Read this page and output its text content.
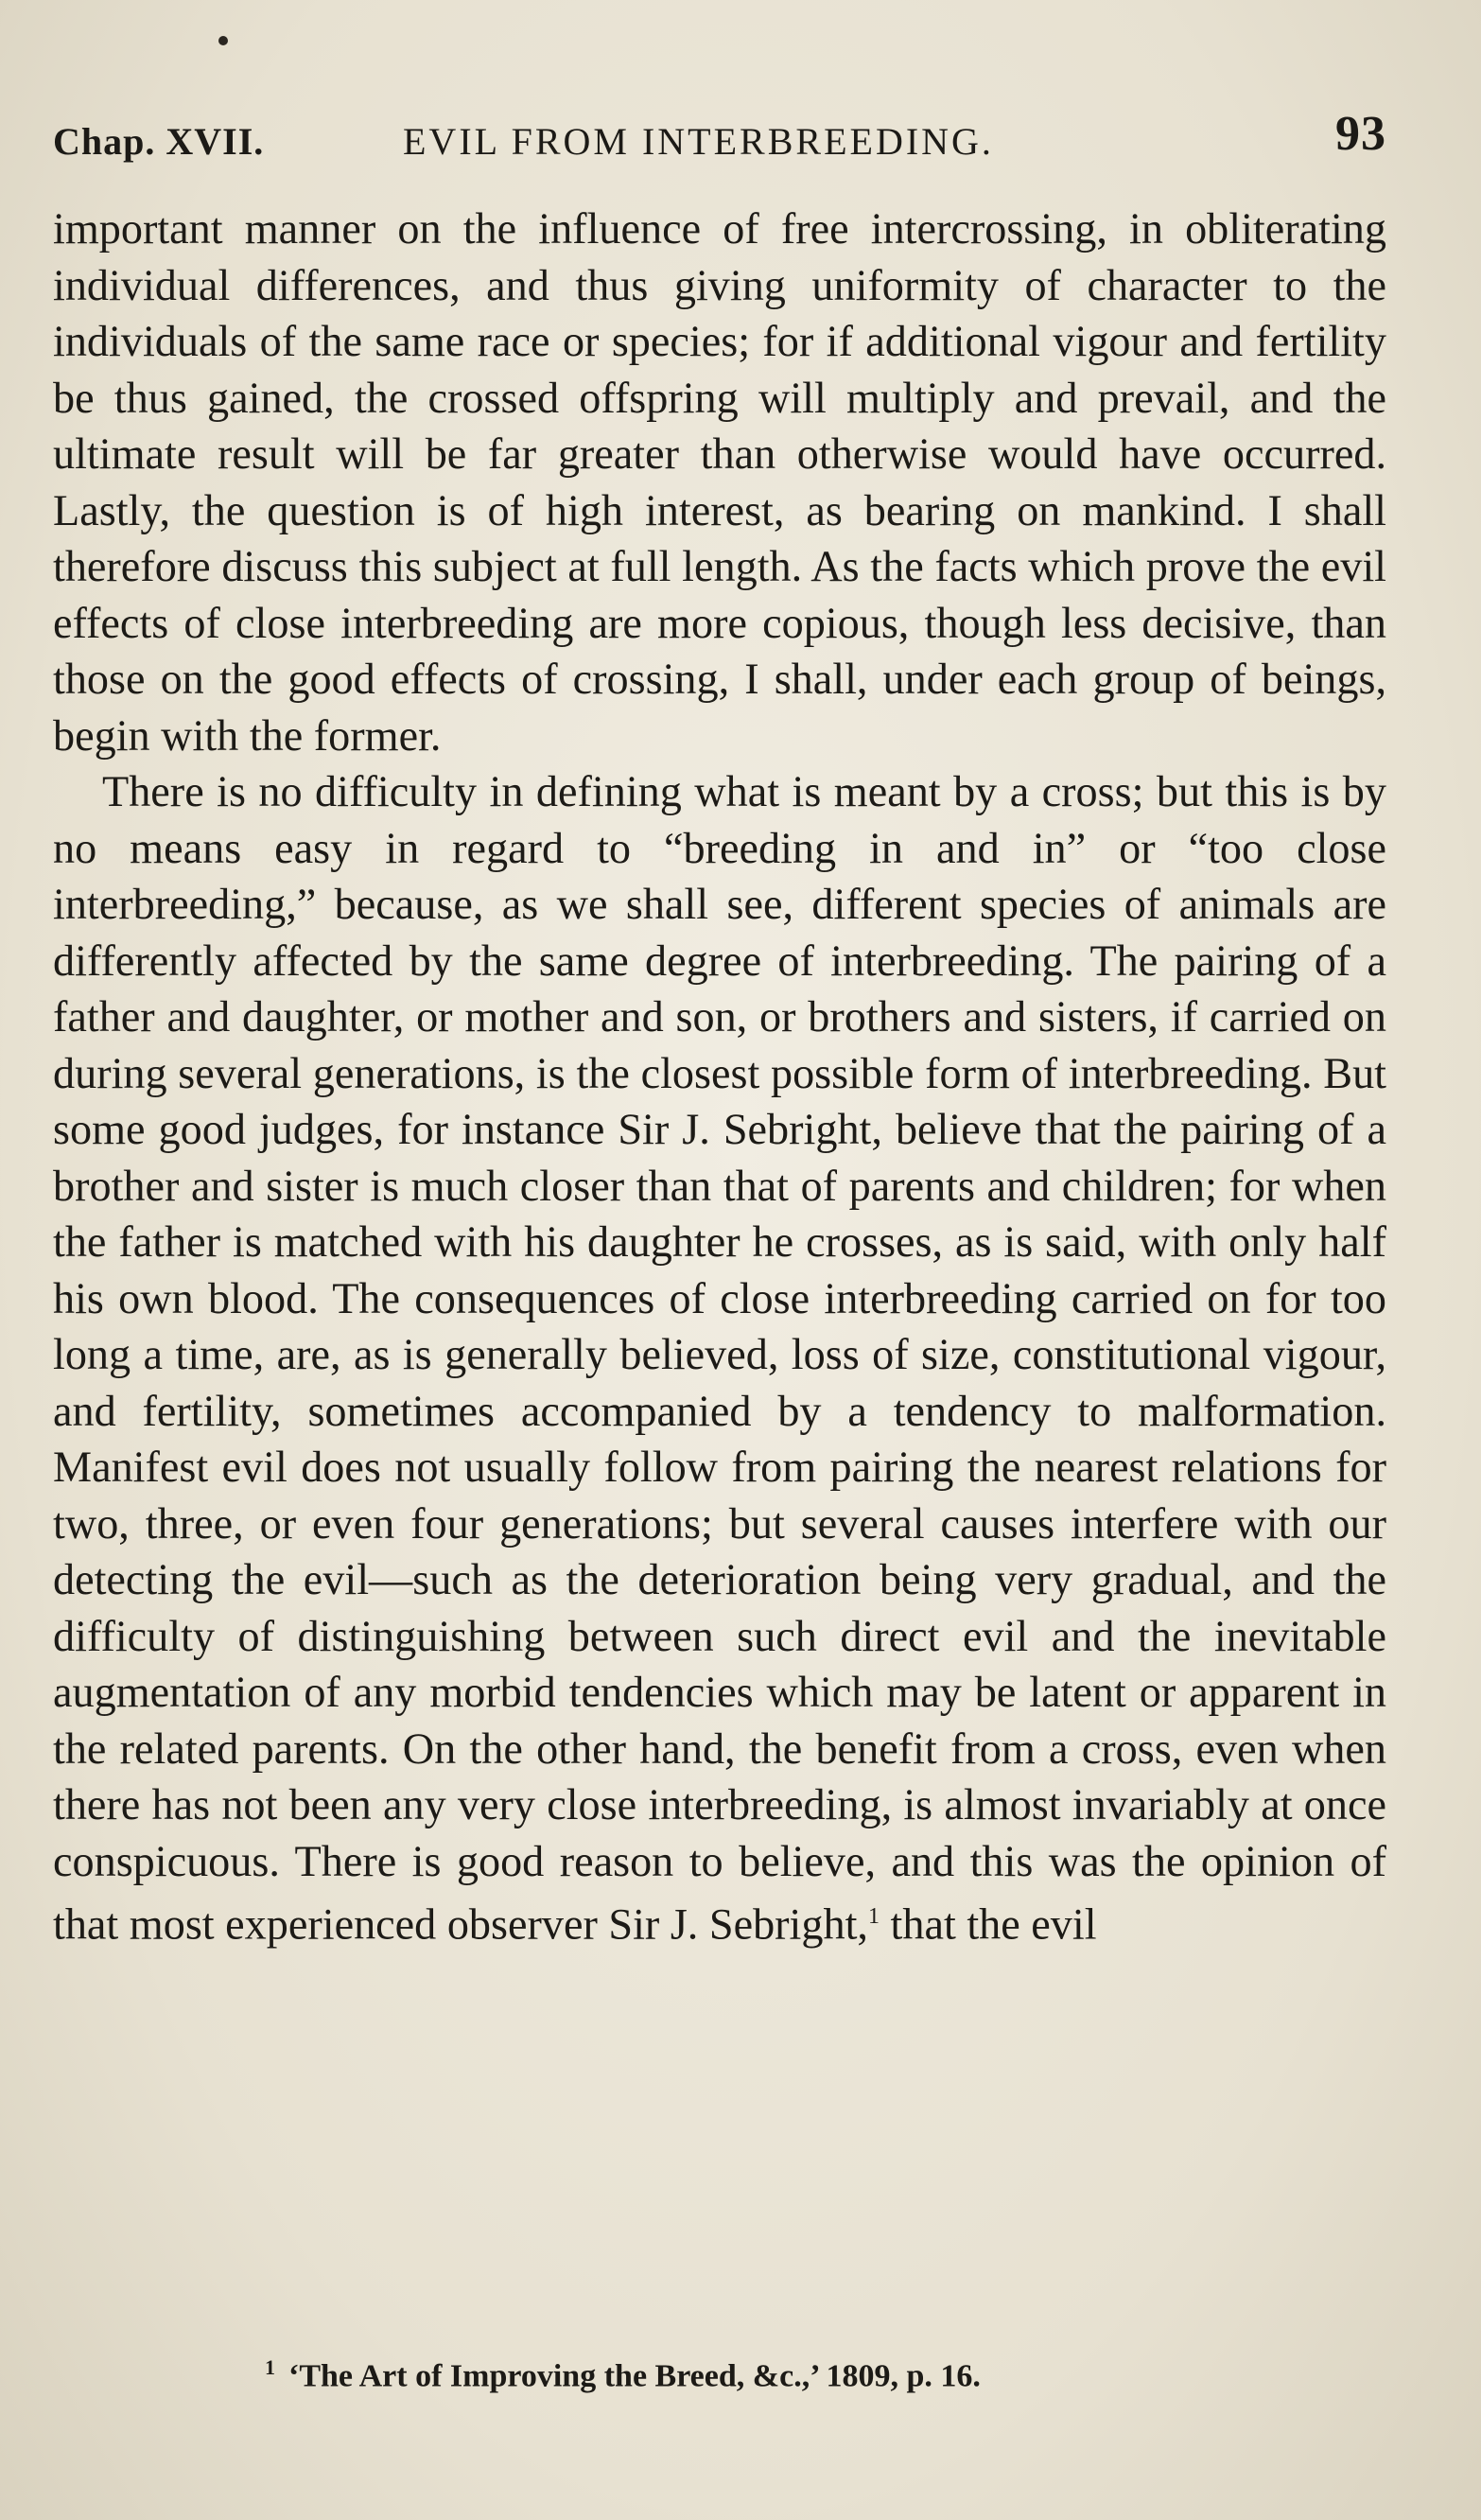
Chap. XVII.	EVIL FROM INTERBREEDING.	93

important manner on the influence of free intercrossing, in obliterating individual differences, and thus giving uniformity of character to the individuals of the same race or species; for if additional vigour and fertility be thus gained, the crossed offspring will multiply and prevail, and the ultimate result will be far greater than otherwise would have occurred. Lastly, the question is of high interest, as bearing on mankind. I shall therefore discuss this subject at full length. As the facts which prove the evil effects of close interbreeding are more copious, though less decisive, than those on the good effects of crossing, I shall, under each group of beings, begin with the former.

There is no difficulty in defining what is meant by a cross; but this is by no means easy in regard to “breeding in and in” or “too close interbreeding,” because, as we shall see, different species of animals are differently affected by the same degree of interbreeding. The pairing of a father and daughter, or mother and son, or brothers and sisters, if carried on during several generations, is the closest possible form of interbreeding. But some good judges, for instance Sir J. Sebright, believe that the pairing of a brother and sister is much closer than that of parents and children; for when the father is matched with his daughter he crosses, as is said, with only half his own blood. The consequences of close interbreeding carried on for too long a time, are, as is generally believed, loss of size, constitutional vigour, and fertility, sometimes accompanied by a tendency to malformation. Manifest evil does not usually follow from pairing the nearest relations for two, three, or even four generations; but several causes interfere with our detecting the evil—such as the deterioration being very gradual, and the difficulty of distinguishing between such direct evil and the inevitable augmentation of any morbid tendencies which may be latent or apparent in the related parents. On the other hand, the benefit from a cross, even when there has not been any very close interbreeding, is almost invariably at once conspicuous. There is good reason to believe, and this was the opinion of that most experienced observer Sir J. Sebright,$^1$ that the evil

$^1$ ‘The Art of Improving the Breed, &c.,’ 1809, p. 16.
